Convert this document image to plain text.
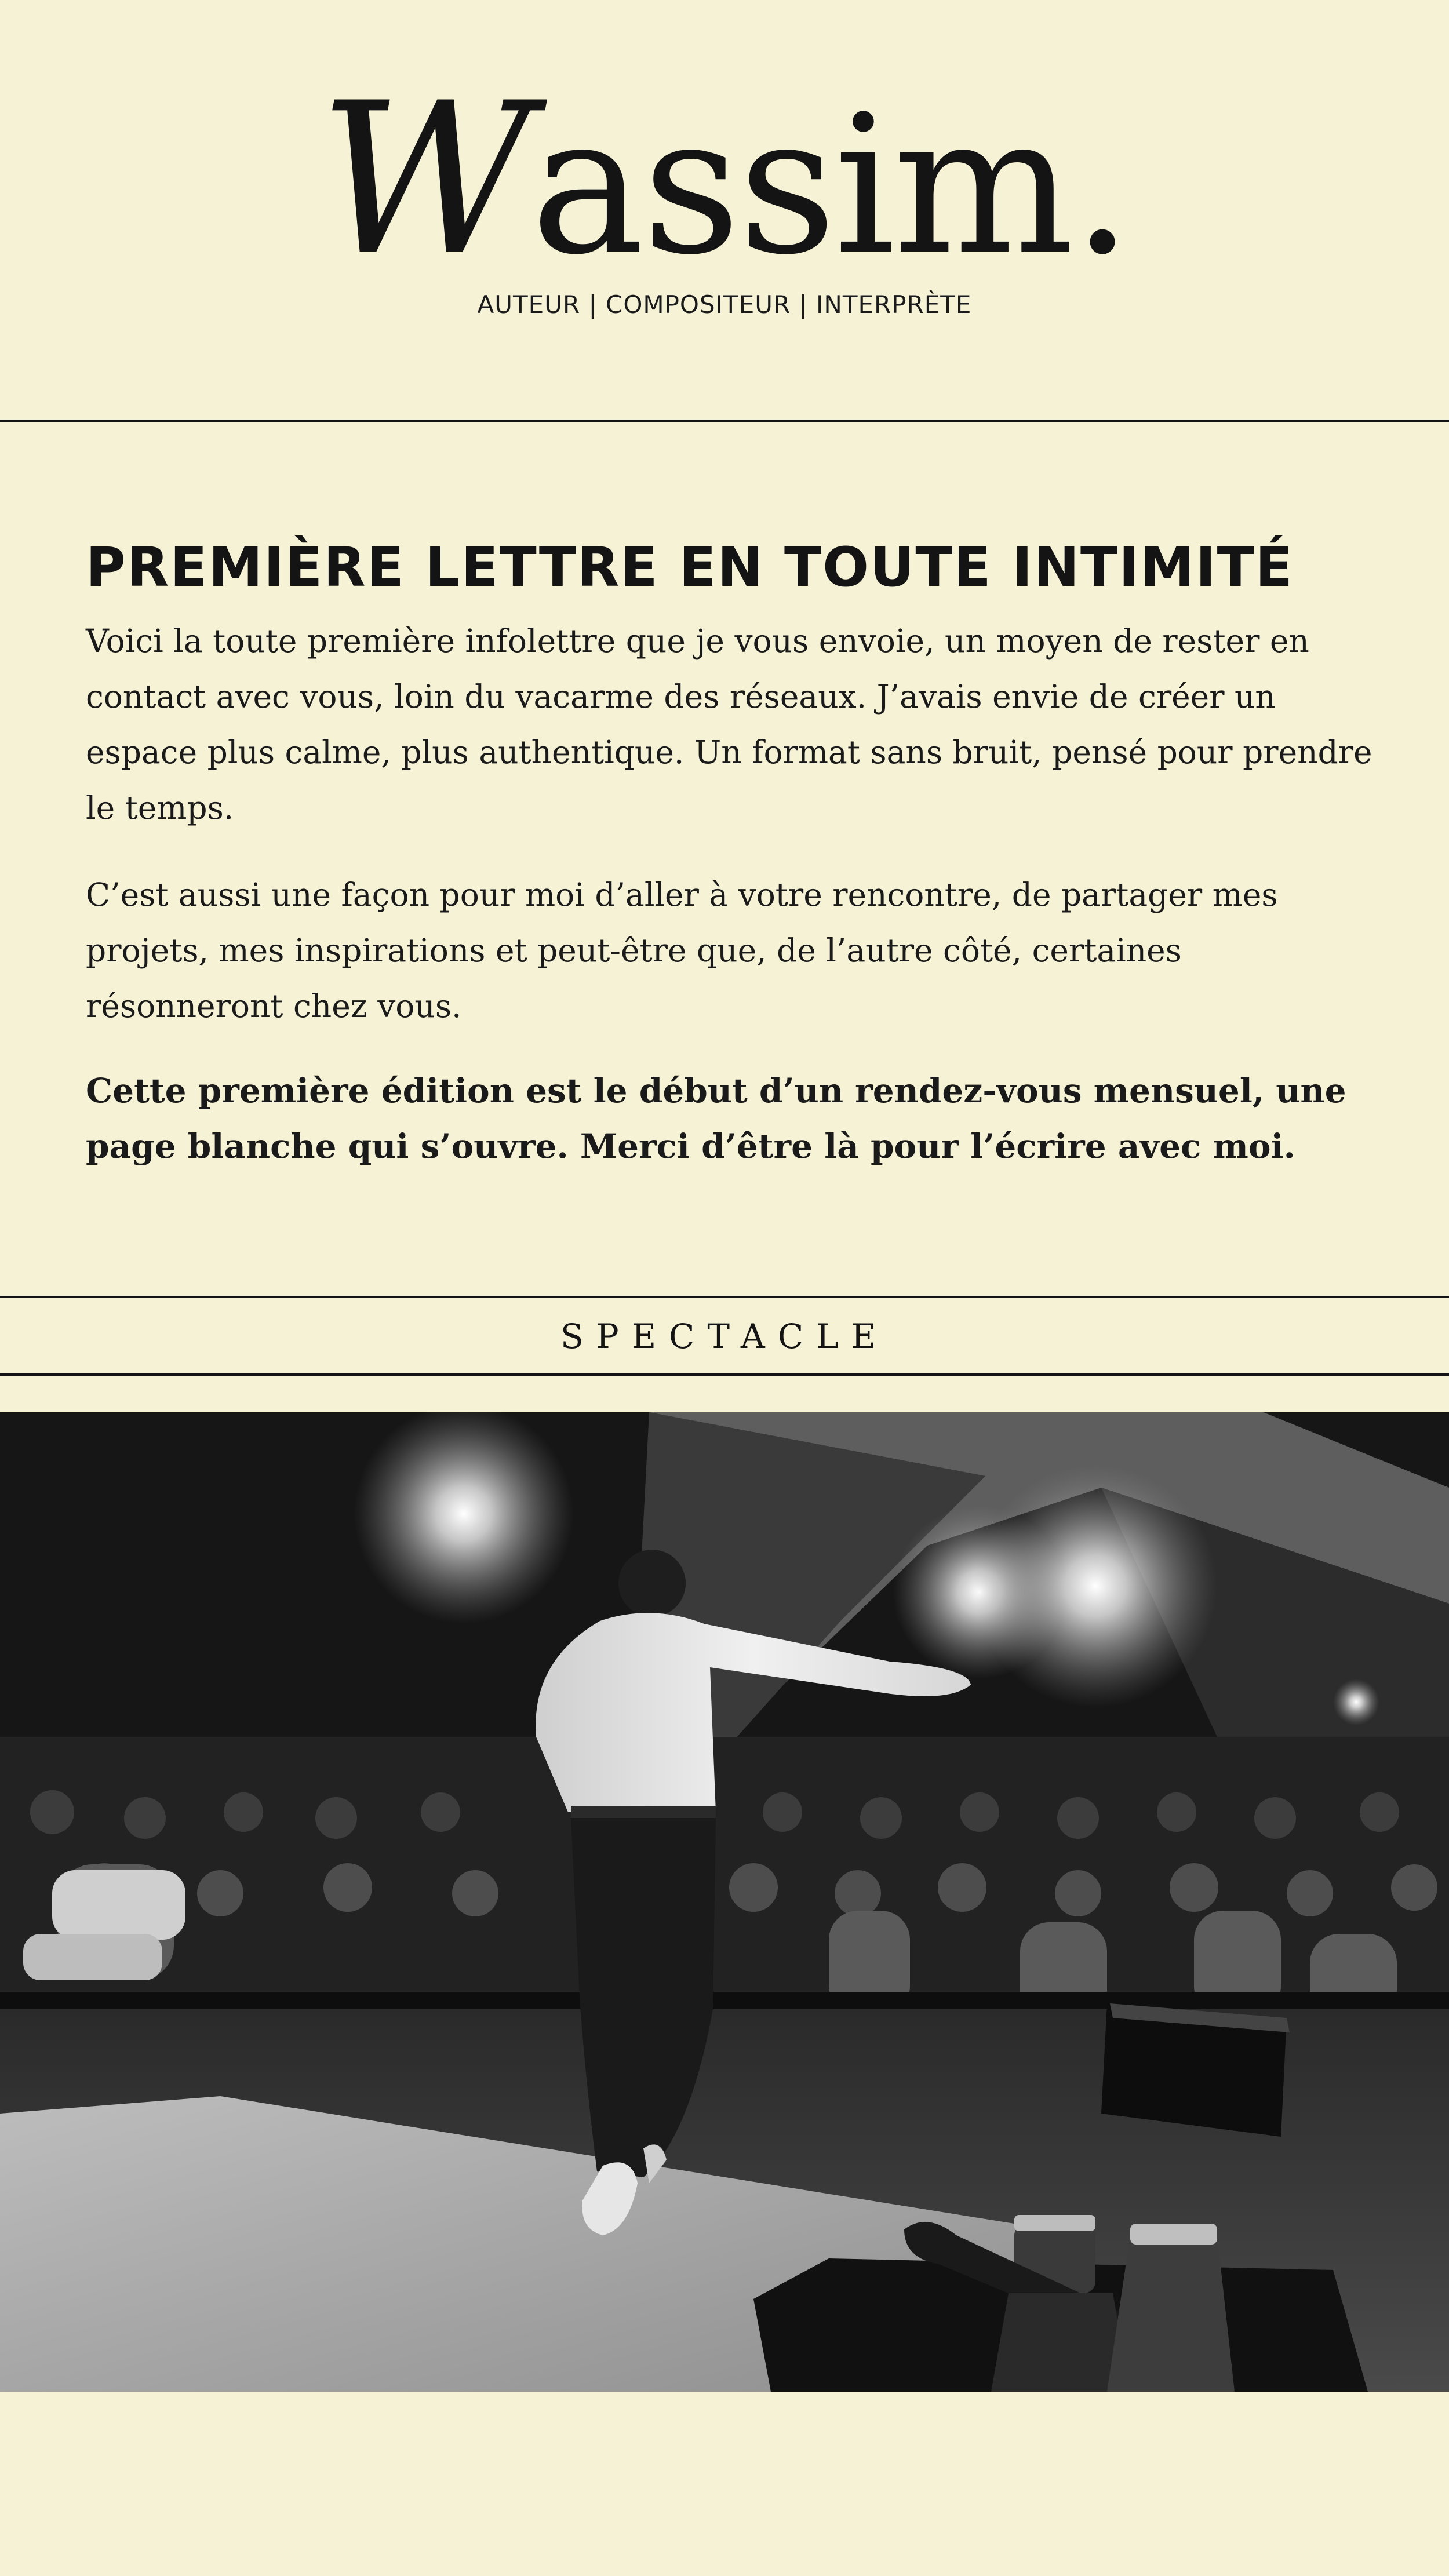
Wassim.
AUTEUR | COMPOSITEUR | INTERPRÈTE
PREMIÈRE LETTRE EN TOUTE INTIMITÉ

Voici la toute première infolettre que je vous envoie, un moyen de rester en contact avec vous, loin du vacarme des réseaux. J’avais envie de créer un espace plus calme, plus authentique. Un format sans bruit, pensé pour prendre le temps.

C’est aussi une façon pour moi d’aller à votre rencontre, de partager mes projets, mes inspirations et peut-être que, de l’autre côté, certaines résonneront chez vous.

Cette première édition est le début d’un rendez-vous mensuel, une page blanche qui s’ouvre. Merci d’être là pour l’écrire avec moi.

SPECTACLE
